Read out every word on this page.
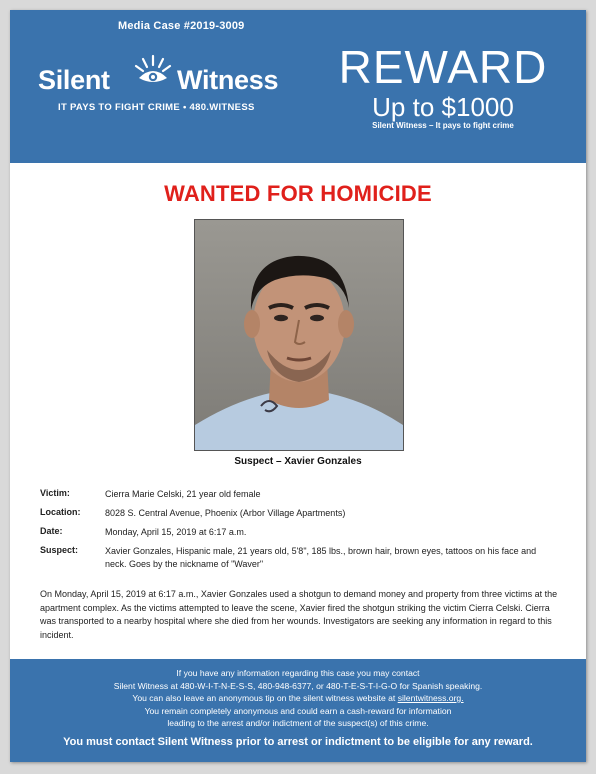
Media Case #2019-3009
Silent Witness
IT PAYS TO FIGHT CRIME • 480.WITNESS
REWARD
Up to $1000
Silent Witness – It pays to fight crime
WANTED FOR HOMICIDE
Suspect – Xavier Gonzales
Victim:	Cierra Marie Celski, 21 year old female
Location:	8028 S. Central Avenue, Phoenix (Arbor Village Apartments)
Date:	Monday, April 15, 2019 at 6:17 a.m.
Suspect:	Xavier Gonzales, Hispanic male, 21 years old, 5'8", 185 lbs., brown hair, brown eyes, tattoos on his face and neck. Goes by the nickname of "Waver"
On Monday, April 15, 2019 at 6:17 a.m., Xavier Gonzales used a shotgun to demand money and property from three victims at the apartment complex. As the victims attempted to leave the scene, Xavier fired the shotgun striking the victim Cierra Celski. Cierra was transported to a nearby hospital where she died from her wounds. Investigators are seeking any information in regard to this incident.
If you have any information regarding this case you may contact
Silent Witness at 480-W-I-T-N-E-S-S, 480-948-6377, or 480-T-E-S-T-I-G-O for Spanish speaking.
You can also leave an anonymous tip on the silent witness website at silentwitness.org.
You remain completely anonymous and could earn a cash-reward for information
leading to the arrest and/or indictment of the suspect(s) of this crime.
You must contact Silent Witness prior to arrest or indictment to be eligible for any reward.
